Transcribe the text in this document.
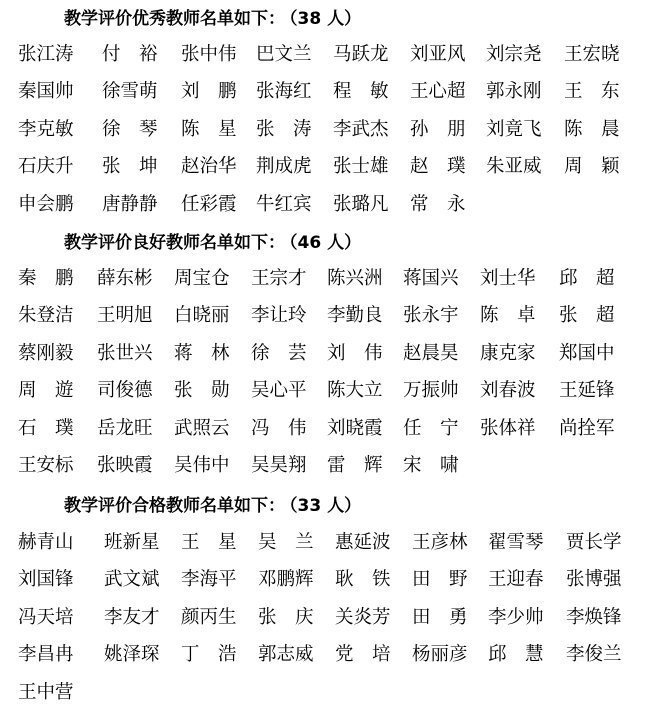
教学评价优秀教师名单如下： （38 人）
张江涛	付　裕	张中伟	巴文兰	马跃龙	刘亚风	刘宗尧	王宏晓
秦国帅	徐雪萌	刘　鹏	张海红	程　敏	王心超	郭永刚	王　东
李克敏	徐　琴	陈　星	张　涛	李武杰	孙　朋	刘竟飞	陈　晨
石庆升	张　坤	赵治华	荆成虎	张士雄	赵　璞	朱亚威	周　颖
申会鹏	唐静静	任彩霞	牛红宾	张璐凡	常　永
教学评价良好教师名单如下： （46 人）
秦　鹏	薛东彬	周宝仓	王宗才	陈兴洲	蒋国兴	刘士华	邱　超
朱登洁	王明旭	白晓丽	李让玲	李勤良	张永宇	陈　卓	张　超
蔡刚毅	张世兴	蒋　林	徐　芸	刘　伟	赵晨昊	康克家	郑国中
周　遊	司俊德	张　勋	吴心平	陈大立	万振帅	刘春波	王延锋
石　璞	岳龙旺	武照云	冯　伟	刘晓霞	任　宁	张体祥	尚拴军
王安标	张映霞	吴伟中	吴昊翔	雷　辉	宋　啸
教学评价合格教师名单如下： （33 人）
赫青山	班新星	王　星	吴　兰	惠延波	王彦林	翟雪琴	贾长学
刘国锋	武文斌	李海平	邓鹏辉	耿　铁	田　野	王迎春	张博强
冯天培	李友才	颜丙生	张　庆	关炎芳	田　勇	李少帅	李焕锋
李昌冉	姚泽琛	丁　浩	郭志威	党　培	杨丽彦	邱　慧	李俊兰
王中营
